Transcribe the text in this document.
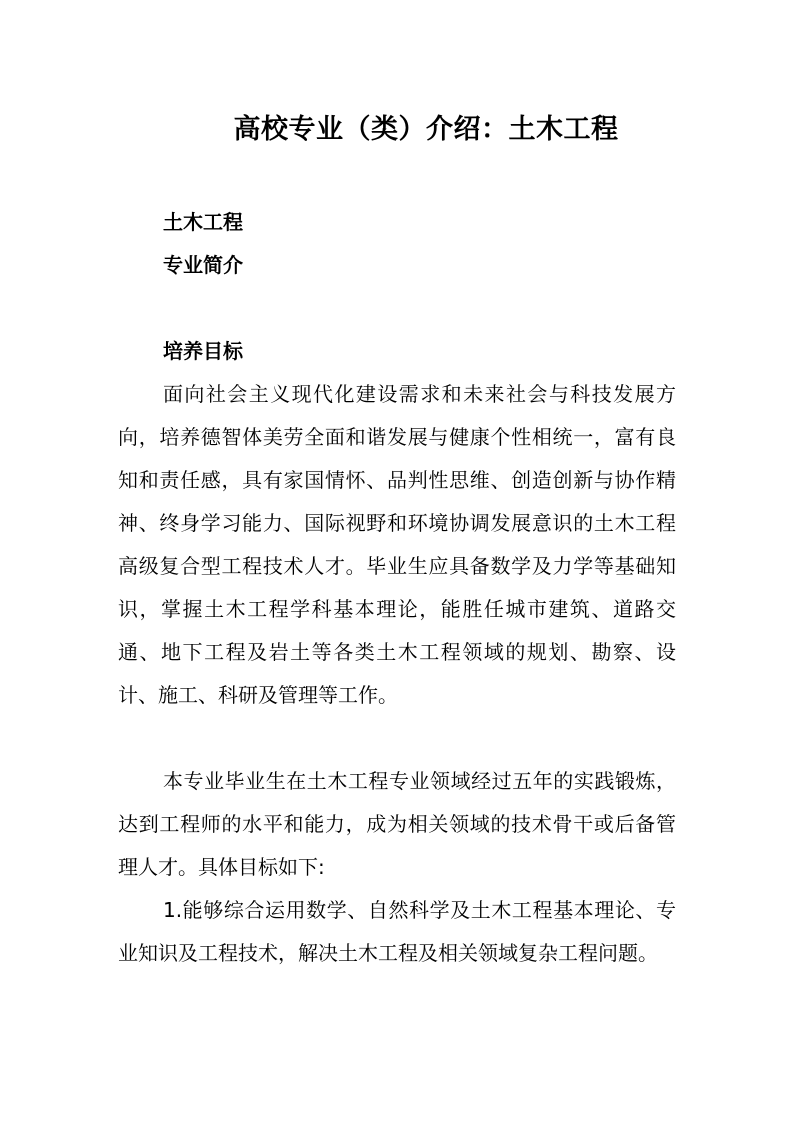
高校专业（类）介绍：土木工程
土木工程
专业简介
培养目标

面向社会主义现代化建设需求和未来社会与科技发展方向，培养德智体美劳全面和谐发展与健康个性相统一，富有良知和责任感，具有家国情怀、品判性思维、创造创新与协作精神、终身学习能力、国际视野和环境协调发展意识的土木工程高级复合型工程技术人才。毕业生应具备数学及力学等基础知识，掌握土木工程学科基本理论，能胜任城市建筑、道路交通、地下工程及岩土等各类土木工程领域的规划、勘察、设计、施工、科研及管理等工作。

本专业毕业生在土木工程专业领域经过五年的实践锻炼，达到工程师的水平和能力，成为相关领域的技术骨干或后备管理人才。具体目标如下:

1.能够综合运用数学、自然科学及土木工程基本理论、专业知识及工程技术，解决土木工程及相关领域复杂工程问题。
